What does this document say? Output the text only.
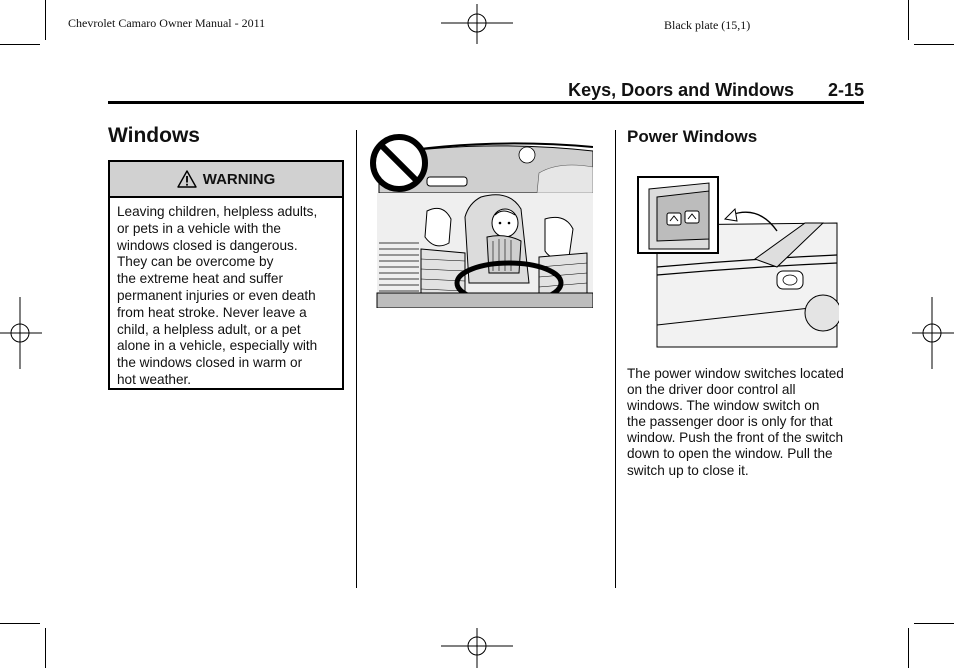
Chevrolet Camaro Owner Manual - 2011	Black plate (15,1)
Keys, Doors and Windows 2-15
Windows
WARNING
Leaving children, helpless adults,
or pets in a vehicle with the
windows closed is dangerous.
They can be overcome by
the extreme heat and suffer
permanent injuries or even death
from heat stroke. Never leave a
child, a helpless adult, or a pet
alone in a vehicle, especially with
the windows closed in warm or
hot weather.
Power Windows
The power window switches located
on the driver door control all
windows. The window switch on
the passenger door is only for that
window. Push the front of the switch
down to open the window. Pull the
switch up to close it.
